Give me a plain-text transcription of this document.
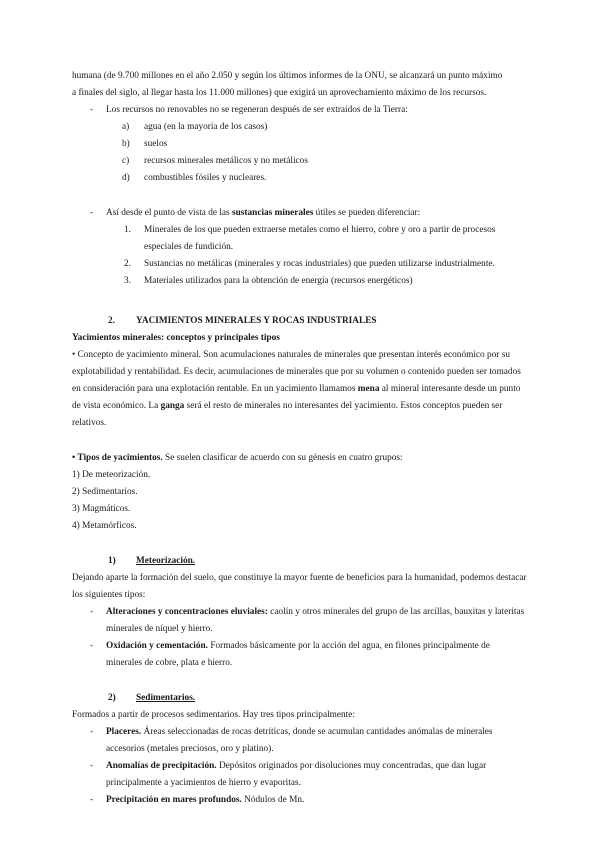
humana (de 9.700 millones en el año 2.050 y según los últimos informes de la ONU, se alcanzará un punto máximo
a finales del siglo, al llegar hasta los 11.000 millones) que exigirá un aprovechamiento máximo de los recursos.

- Los recursos no renovables no se regeneran después de ser extraídos de la Tierra:
a) agua (en la mayoría de los casos)
b) suelos
c) recursos minerales metálicos y no metálicos
d) combustibles fósiles y nucleares.
- Así desde el punto de vista de las sustancias minerales útiles se pueden diferenciar:
1. Minerales de los que pueden extraerse metales como el hierro, cobre y oro a partir de procesos especiales de fundición.
2. Sustancias no metálicas (minerales y rocas industriales) que pueden utilizarse industrialmente.
3. Materiales utilizados para la obtención de energía (recursos energéticos)

2. YACIMIENTOS MINERALES Y ROCAS INDUSTRIALES

Yacimientos minerales: conceptos y principales tipos

• Concepto de yacimiento mineral. Son acumulaciones naturales de minerales que presentan interés económico por su explotabilidad y rentabilidad. Es decir, acumulaciones de minerales que por su volumen o contenido pueden ser tomados en consideración para una explotación rentable. En un yacimiento llamamos mena al mineral interesante desde un punto de vista económico. La ganga será el resto de minerales no interesantes del yacimiento. Estos conceptos pueden ser relativos.

• Tipos de yacimientos. Se suelen clasificar de acuerdo con su génesis en cuatro grupos:

1) De meteorización.

2) Sedimentarios.

3) Magmáticos.

4) Metamórficos.

1) Meteorización.

Dejando aparte la formación del suelo, que constituye la mayor fuente de beneficios para la humanidad, podemos destacar los siguientes tipos:

- Alteraciones y concentraciones eluviales: caolín y otros minerales del grupo de las arcillas, bauxitas y lateritas minerales de níquel y hierro.
- Oxidación y cementación. Formados básicamente por la acción del agua, en filones principalmente de minerales de cobre, plata e hierro.

2) Sedimentarios.

Formados a partir de procesos sedimentarios. Hay tres tipos principalmente:

- Placeres. Áreas seleccionadas de rocas detríticas, donde se acumulan cantidades anómalas de minerales accesorios (metales preciosos, oro y platino).
- Anomalías de precipitación. Depósitos originados por disoluciones muy concentradas, que dan lugar principalmente a yacimientos de hierro y evaporitas.
- Precipitación en mares profundos. Nódulos de Mn.
